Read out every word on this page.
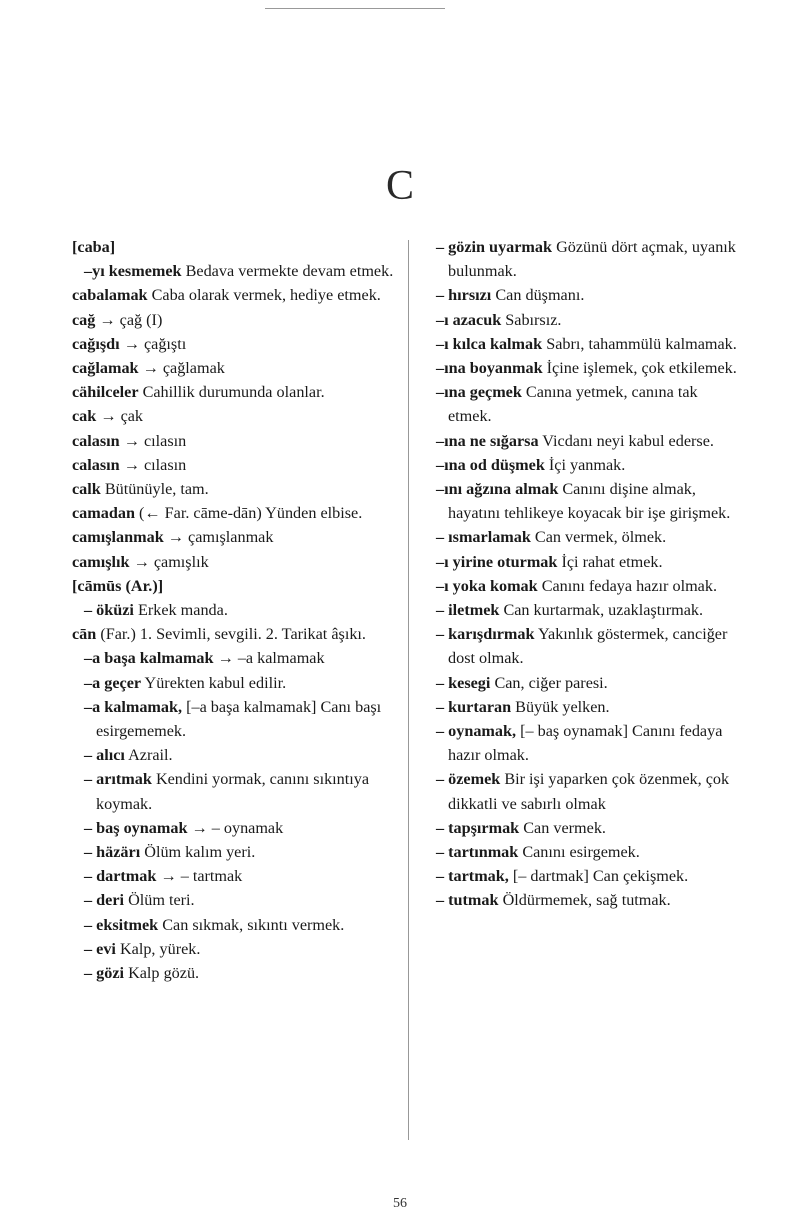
C
[caba]
–yı kesmemek Bedava vermekte devam etmek.
cabalamak Caba olarak vermek, hediye etmek.
cağ → çağ (I)
cağışdı → çağıştı
cağlamak → çağlamak
cähilceler Cahillik durumunda olanlar.
cak → çak
calasın → cılasın
calasın → cılasın
calk Bütünüyle, tam.
camadan (← Far. cāme-dān) Yünden elbise.
camışlanmak → çamışlanmak
camışlık → çamışlık
[cāmūs (Ar.)]
– öküzi Erkek manda.
cān (Far.) 1. Sevimli, sevgili. 2. Tarikat âşıkı.
–a başa kalmamak → –a kalmamak
–a geçer Yürekten kabul edilir.
–a kalmamak, [–a başa kalmamak] Canı başı esirgememek.
– alıcı Azrail.
– arıtmak Kendini yormak, canını sıkıntıya koymak.
– baş oynamak → – oynamak
– häzärı Ölüm kalım yeri.
– dartmak → – tartmak
– deri Ölüm teri.
– eksitmek Can sıkmak, sıkıntı vermek.
– evi Kalp, yürek.
– gözi Kalp gözü.
– gözin uyarmak Gözünü dört açmak, uyanık bulunmak.
– hırsızı Can düşmanı.
–ı azacuk Sabırsız.
–ı kılca kalmak Sabrı, tahammülü kalmamak.
–ına boyanmak İçine işlemek, çok etkilemek.
–ına geçmek Canına yetmek, canına tak etmek.
–ına ne sığarsa Vicdanı neyi kabul ederse.
–ına od düşmek İçi yanmak.
–ını ağzına almak Canını dişine almak, hayatını tehlikeye koyacak bir işe girişmek.
– ısmarlamak Can vermek, ölmek.
–ı yirine oturmak İçi rahat etmek.
–ı yoka komak Canını fedaya hazır olmak.
– iletmek Can kurtarmak, uzaklaştırmak.
– karışdırmak Yakınlık göstermek, canciğer dost olmak.
– kesegi Can, ciğer paresi.
– kurtaran Büyük yelken.
– oynamak, [– baş oynamak] Canını fedaya hazır olmak.
– özemek Bir işi yaparken çok özenmek, çok dikkatli ve sabırlı olmak
– tapşırmak Can vermek.
– tartınmak Canını esirgemek.
– tartmak, [– dartmak] Can çekişmek.
– tutmak Öldürmemek, sağ tutmak.
56
